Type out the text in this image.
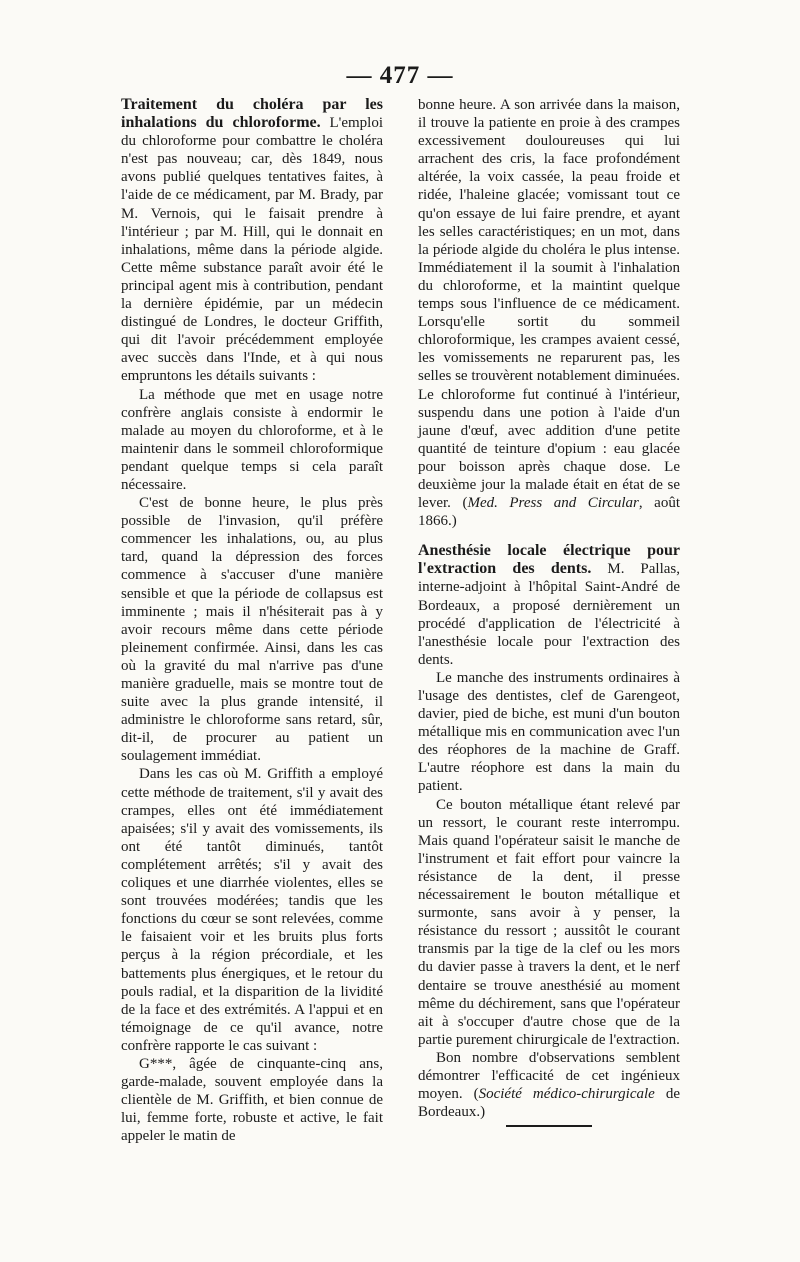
— 477 —

Traitement du choléra par les inhalations du chloroforme. L'emploi du chloroforme pour combattre le choléra n'est pas nouveau; car, dès 1849, nous avons publié quelques tentatives faites, à l'aide de ce médicament, par M. Brady, par M. Vernois, qui le faisait prendre à l'intérieur ; par M. Hill, qui le donnait en inhalations, même dans la période algide. Cette même substance paraît avoir été le principal agent mis à contribution, pendant la dernière épidémie, par un médecin distingué de Londres, le docteur Griffith, qui dit l'avoir précédemment employée avec succès dans l'Inde, et à qui nous empruntons les détails suivants :

La méthode que met en usage notre confrère anglais consiste à endormir le malade au moyen du chloroforme, et à le maintenir dans le sommeil chloroformique pendant quelque temps si cela paraît nécessaire.

C'est de bonne heure, le plus près possible de l'invasion, qu'il préfère commencer les inhalations, ou, au plus tard, quand la dépression des forces commence à s'accuser d'une manière sensible et que la période de collapsus est imminente ; mais il n'hésiterait pas à y avoir recours même dans cette période pleinement confirmée. Ainsi, dans les cas où la gravité du mal n'arrive pas d'une manière graduelle, mais se montre tout de suite avec la plus grande intensité, il administre le chloroforme sans retard, sûr, dit-il, de procurer au patient un soulagement immédiat.

Dans les cas où M. Griffith a employé cette méthode de traitement, s'il y avait des crampes, elles ont été immédiatement apaisées; s'il y avait des vomissements, ils ont été tantôt diminués, tantôt complétement arrêtés; s'il y avait des coliques et une diarrhée violentes, elles se sont trouvées modérées; tandis que les fonctions du cœur se sont relevées, comme le faisaient voir et les bruits plus forts perçus à la région précordiale, et les battements plus énergiques, et le retour du pouls radial, et la disparition de la lividité de la face et des extrémités. A l'appui et en témoignage de ce qu'il avance, notre confrère rapporte le cas suivant :

G***, âgée de cinquante-cinq ans, garde-malade, souvent employée dans la clientèle de M. Griffith, et bien connue de lui, femme forte, robuste et active, le fait appeler le matin de

bonne heure. A son arrivée dans la maison, il trouve la patiente en proie à des crampes excessivement douloureuses qui lui arrachent des cris, la face profondément altérée, la voix cassée, la peau froide et ridée, l'haleine glacée; vomissant tout ce qu'on essaye de lui faire prendre, et ayant les selles caractéristiques; en un mot, dans la période algide du choléra le plus intense. Immédiatement il la soumit à l'inhalation du chloroforme, et la maintint quelque temps sous l'influence de ce médicament. Lorsqu'elle sortit du sommeil chloroformique, les crampes avaient cessé, les vomissements ne reparurent pas, les selles se trouvèrent notablement diminuées. Le chloroforme fut continué à l'intérieur, suspendu dans une potion à l'aide d'un jaune d'œuf, avec addition d'une petite quantité de teinture d'opium : eau glacée pour boisson après chaque dose. Le deuxième jour la malade était en état de se lever. (Med. Press and Circular, août 1866.)

Anesthésie locale électrique pour l'extraction des dents. M. Pallas, interne-adjoint à l'hôpital Saint-André de Bordeaux, a proposé dernièrement un procédé d'application de l'électricité à l'anesthésie locale pour l'extraction des dents.

Le manche des instruments ordinaires à l'usage des dentistes, clef de Garengeot, davier, pied de biche, est muni d'un bouton métallique mis en communication avec l'un des réophores de la machine de Graff. L'autre réophore est dans la main du patient.

Ce bouton métallique étant relevé par un ressort, le courant reste interrompu. Mais quand l'opérateur saisit le manche de l'instrument et fait effort pour vaincre la résistance de la dent, il presse nécessairement le bouton métallique et surmonte, sans avoir à y penser, la résistance du ressort ; aussitôt le courant transmis par la tige de la clef ou les mors du davier passe à travers la dent, et le nerf dentaire se trouve anesthésié au moment même du déchirement, sans que l'opérateur ait à s'occuper d'autre chose que de la partie purement chirurgicale de l'extraction.

Bon nombre d'observations semblent démontrer l'efficacité de cet ingénieux moyen. (Société médico-chirurgicale de Bordeaux.)
